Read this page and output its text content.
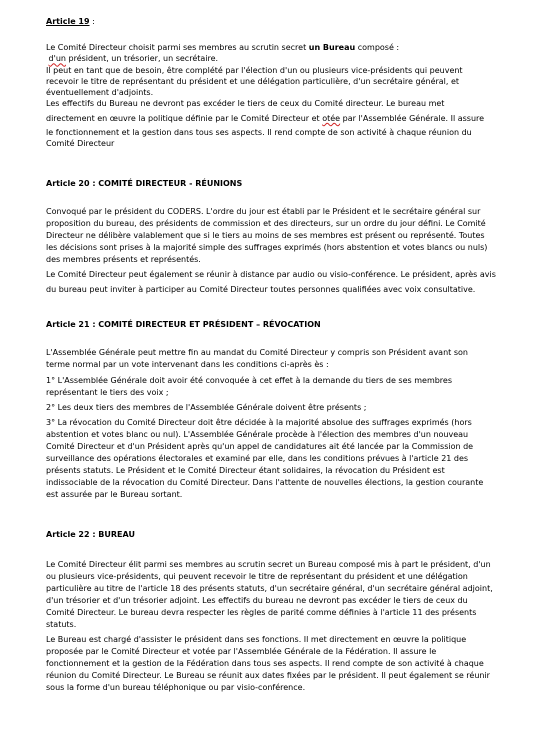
Article 19 :
Le Comité Directeur choisit parmi ses membres au scrutin secret un Bureau composé :
d'un président, un trésorier, un secrétaire.
Il peut en tant que de besoin, être complété par l'élection d'un ou plusieurs vice-présidents qui peuvent
recevoir le titre de représentant du président et une délégation particulière, d'un secrétaire général, et
éventuellement d'adjoints.
Les effectifs du Bureau ne devront pas excéder le tiers de ceux du Comité directeur. Le bureau met
directement en œuvre la politique définie par le Comité Directeur et otée par l'Assemblée Générale. Il assure
le fonctionnement et la gestion dans tous ses aspects. Il rend compte de son activité à chaque réunion du
Comité Directeur
Article 20 : COMITÉ DIRECTEUR - RÉUNIONS
Convoqué par le président du CODERS. L'ordre du jour est établi par le Président et le secrétaire général sur
proposition du bureau, des présidents de commission et des directeurs, sur un ordre du jour défini. Le Comité
Directeur ne délibère valablement que si le tiers au moins de ses membres est présent ou représenté. Toutes
les décisions sont prises à la majorité simple des suffrages exprimés (hors abstention et votes blancs ou nuls)
des membres présents et représentés.
Le Comité Directeur peut également se réunir à distance par audio ou visio-conférence. Le président, après avis
du bureau peut inviter à participer au Comité Directeur toutes personnes qualifiées avec voix consultative.
Article 21 : COMITÉ DIRECTEUR ET PRÉSIDENT – RÉVOCATION
L'Assemblée Générale peut mettre fin au mandat du Comité Directeur y compris son Président avant son
terme normal par un vote intervenant dans les conditions ci-après ès :
1° L'Assemblée Générale doit avoir été convoquée à cet effet à la demande du tiers de ses membres
représentant le tiers des voix ;
2° Les deux tiers des membres de l'Assemblée Générale doivent être présents ;
3° La révocation du Comité Directeur doit être décidée à la majorité absolue des suffrages exprimés (hors
abstention et votes blanc ou nul). L'Assemblée Générale procède à l'élection des membres d'un nouveau
Comité Directeur et d'un Président après qu'un appel de candidatures ait été lancée par la Commission de
surveillance des opérations électorales et examiné par elle, dans les conditions prévues à l'article 21 des
présents statuts. Le Président et le Comité Directeur étant solidaires, la révocation du Président est
indissociable de la révocation du Comité Directeur. Dans l'attente de nouvelles élections, la gestion courante
est assurée par le Bureau sortant.
Article 22 : BUREAU
Le Comité Directeur élit parmi ses membres au scrutin secret un Bureau composé mis à part le président, d'un
ou plusieurs vice-présidents, qui peuvent recevoir le titre de représentant du président et une délégation
particulière au titre de l'article 18 des présents statuts, d'un secrétaire général, d'un secrétaire général adjoint,
d'un trésorier et d'un trésorier adjoint. Les effectifs du bureau ne devront pas excéder le tiers de ceux du
Comité Directeur. Le bureau devra respecter les règles de parité comme définies à l'article 11 des présents
statuts.
Le Bureau est chargé d'assister le président dans ses fonctions. Il met directement en œuvre la politique
proposée par le Comité Directeur et votée par l'Assemblée Générale de la Fédération. Il assure le
fonctionnement et la gestion de la Fédération dans tous ses aspects. Il rend compte de son activité à chaque
réunion du Comité Directeur. Le Bureau se réunit aux dates fixées par le président. Il peut également se réunir
sous la forme d'un bureau téléphonique ou par visio-conférence.
